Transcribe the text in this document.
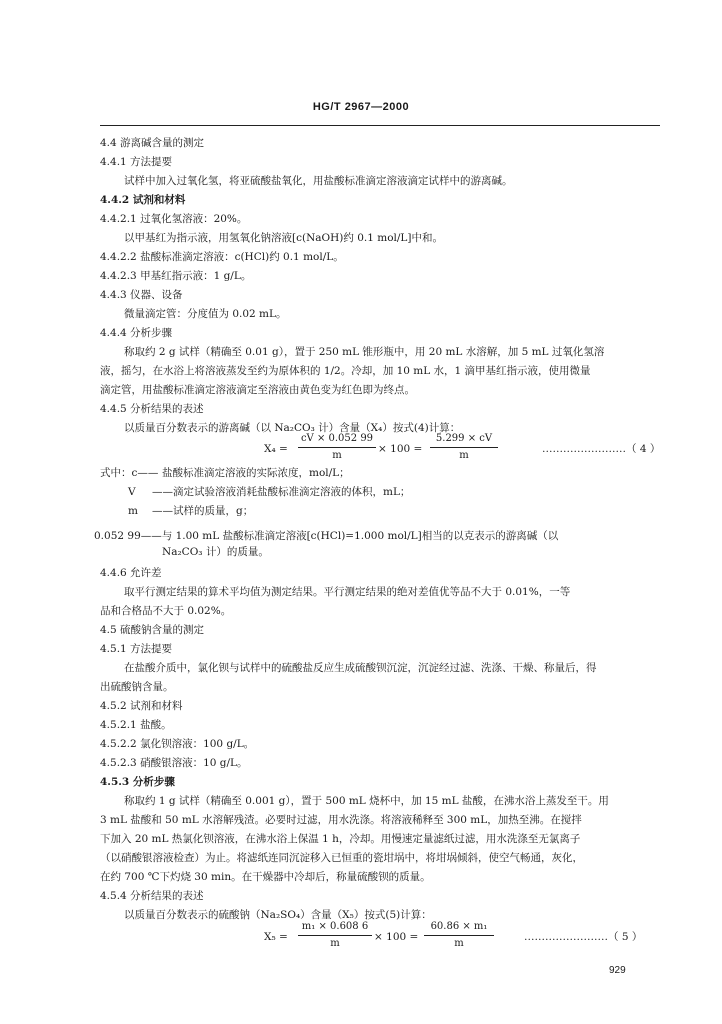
HG/T 2967—2000
4.4 游离碱含量的测定
4.4.1 方法提要
试样中加入过氧化氢，将亚硫酸盐氧化，用盐酸标准滴定溶液滴定试样中的游离碱。
4.4.2 试剂和材料
4.4.2.1 过氧化氢溶液：20%。
以甲基红为指示液，用氢氧化钠溶液[c(NaOH)约 0.1 mol/L]中和。
4.4.2.2 盐酸标准滴定溶液：c(HCl)约 0.1 mol/L。
4.4.2.3 甲基红指示液：1 g/L。
4.4.3 仪器、设备
微量滴定管：分度值为 0.02 mL。
4.4.4 分析步骤
称取约 2 g 试样（精确至 0.01 g），置于 250 mL 锥形瓶中，用 20 mL 水溶解，加 5 mL 过氧化氢溶
液，摇匀，在水浴上将溶液蒸发至约为原体积的 1/2。冷却，加 10 mL 水，1 滴甲基红指示液，使用微量
滴定管，用盐酸标准滴定溶液滴定至溶液由黄色变为红色即为终点。
4.4.5 分析结果的表述
以质量百分数表示的游离碱（以 Na₂CO₃ 计）含量（X₄）按式(4)计算：
X₄ =
cV × 0.052 99
m
× 100 =
5.299 × cV
m
……………………（ 4 ）
式中：c—— 盐酸标准滴定溶液的实际浓度，mol/L；
V ——滴定试验溶液消耗盐酸标准滴定溶液的体积，mL；
m ——试样的质量，g；
0.052 99——与 1.00 mL 盐酸标准滴定溶液[c(HCl)=1.000 mol/L]相当的以克表示的游离碱（以
Na₂CO₃ 计）的质量。
4.4.6 允许差
取平行测定结果的算术平均值为测定结果。平行测定结果的绝对差值优等品不大于 0.01%，一等
品和合格品不大于 0.02%。
4.5 硫酸钠含量的测定
4.5.1 方法提要
在盐酸介质中，氯化钡与试样中的硫酸盐反应生成硫酸钡沉淀，沉淀经过滤、洗涤、干燥、称量后，得
出硫酸钠含量。
4.5.2 试剂和材料
4.5.2.1 盐酸。
4.5.2.2 氯化钡溶液：100 g/L。
4.5.2.3 硝酸银溶液：10 g/L。
4.5.3 分析步骤
称取约 1 g 试样（精确至 0.001 g），置于 500 mL 烧杯中，加 15 mL 盐酸，在沸水浴上蒸发至干。用
3 mL 盐酸和 50 mL 水溶解残渣。必要时过滤，用水洗涤。将溶液稀释至 300 mL，加热至沸。在搅拌
下加入 20 mL 热氯化钡溶液，在沸水浴上保温 1 h，冷却。用慢速定量滤纸过滤，用水洗涤至无氯离子
（以硝酸银溶液检查）为止。将滤纸连同沉淀移入已恒重的瓷坩埚中，将坩埚倾斜，使空气畅通，灰化，
在约 700 ℃下灼烧 30 min。在干燥器中冷却后，称量硫酸钡的质量。
4.5.4 分析结果的表述
以质量百分数表示的硫酸钠（Na₂SO₄）含量（X₅）按式(5)计算：
X₅ =
m₁ × 0.608 6
m
× 100 =
60.86 × m₁
m
……………………（ 5 ）
929
